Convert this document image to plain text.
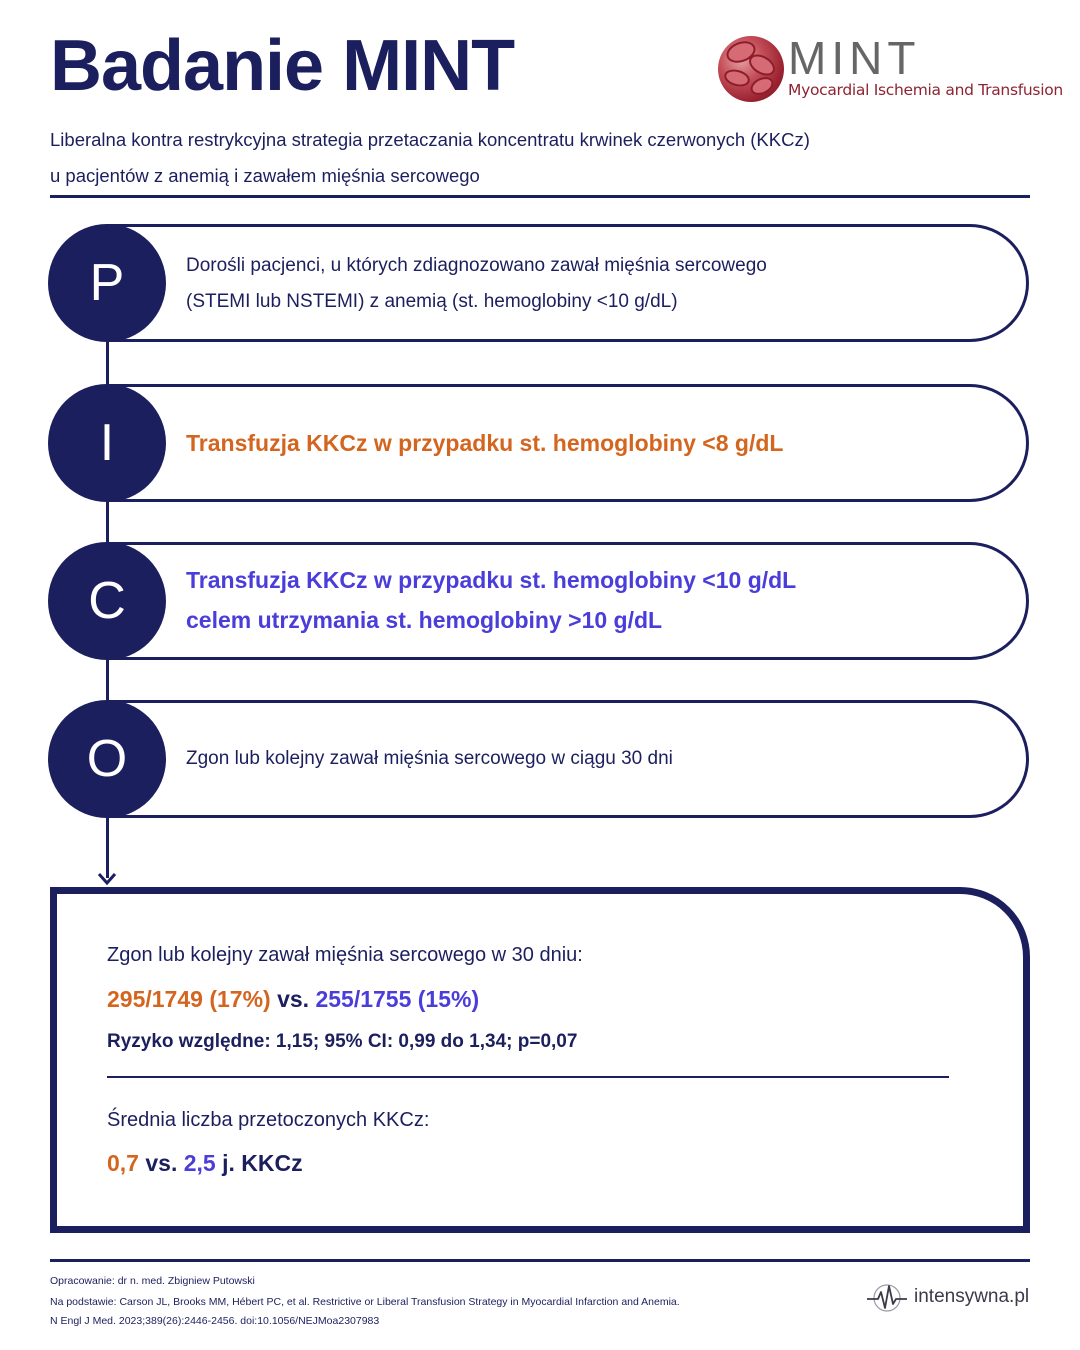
Badanie MINT	MINT
Myocardial Ischemia and Transfusion
Liberalna kontra restrykcyjna strategia przetaczania koncentratu krwinek czerwonych (KKCz)
u pacjentów z anemią i zawałem mięśnia sercowego
P	Dorośli pacjenci, u których zdiagnozowano zawał mięśnia sercowego
(STEMI lub NSTEMI) z anemią (st. hemoglobiny <10 g/dL)
I	Transfuzja KKCz w przypadku st. hemoglobiny <8 g/dL
C	Transfuzja KKCz w przypadku st. hemoglobiny <10 g/dL
celem utrzymania st. hemoglobiny >10 g/dL
O	Zgon lub kolejny zawał mięśnia sercowego w ciągu 30 dni
Zgon lub kolejny zawał mięśnia sercowego w 30 dniu:
295/1749 (17%) vs. 255/1755 (15%)
Ryzyko względne: 1,15; 95% CI: 0,99 do 1,34; p=0,07
Średnia liczba przetoczonych KKCz:
0,7 vs. 2,5 j. KKCz
Opracowanie: dr n. med. Zbigniew Putowski
Na podstawie: Carson JL, Brooks MM, Hébert PC, et al. Restrictive or Liberal Transfusion Strategy in Myocardial Infarction and Anemia.
N Engl J Med. 2023;389(26):2446-2456. doi:10.1056/NEJMoa2307983
intensywna.pl
